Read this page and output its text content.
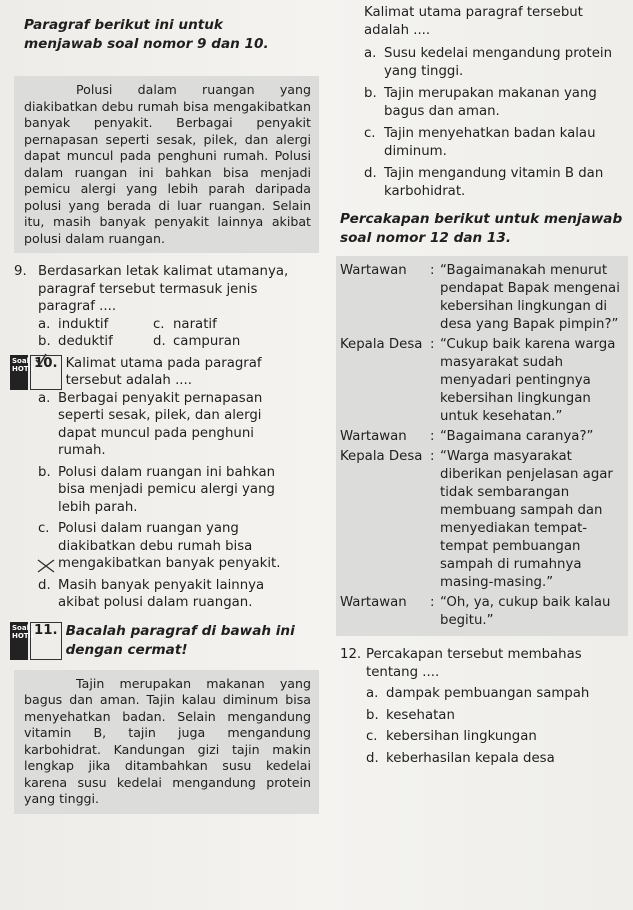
Paragraf berikut ini untuk menjawab soal nomor 9 dan 10.
Polusi dalam ruangan yang diakibatkan debu rumah bisa mengakibatkan banyak penyakit. Berbagai penyakit pernapasan seperti sesak, pilek, dan alergi dapat muncul pada penghuni rumah. Polusi dalam ruangan ini bahkan bisa menjadi pemicu alergi yang lebih parah daripada polusi yang berada di luar ruangan. Selain itu, masih banyak penyakit lainnya akibat polusi dalam ruangan.
9. Berdasarkan letak kalimat utamanya, paragraf tersebut termasuk jenis paragraf ....
a. induktif	c. naratif
b. deduktif	d. campuran
Soal HOTS 10. Kalimat utama pada paragraf tersebut adalah ....
a. Berbagai penyakit pernapasan seperti sesak, pilek, dan alergi dapat muncul pada penghuni rumah.
b. Polusi dalam ruangan ini bahkan bisa menjadi pemicu alergi yang lebih parah.
c. Polusi dalam ruangan yang diakibatkan debu rumah bisa mengakibatkan banyak penyakit.
d. Masih banyak penyakit lainnya akibat polusi dalam ruangan.
Soal HOTS 11. Bacalah paragraf di bawah ini dengan cermat!
Tajin merupakan makanan yang bagus dan aman. Tajin kalau diminum bisa menyehatkan badan. Selain mengandung vitamin B, tajin juga mengandung karbohidrat. Kandungan gizi tajin makin lengkap jika ditambahkan susu kedelai karena susu kedelai mengandung protein yang tinggi.
Kalimat utama paragraf tersebut adalah ....
a. Susu kedelai mengandung protein yang tinggi.
b. Tajin merupakan makanan yang bagus dan aman.
c. Tajin menyehatkan badan kalau diminum.
d. Tajin mengandung vitamin B dan karbohidrat.
Percakapan berikut untuk menjawab soal nomor 12 dan 13.
Wartawan	: “Bagaimanakah menurut pendapat Bapak mengenai kebersihan lingkungan di desa yang Bapak pimpin?”
Kepala Desa : “Cukup baik karena warga masyarakat sudah menyadari pentingnya kebersihan lingkungan untuk kesehatan.”
Wartawan	: “Bagaimana caranya?”
Kepala Desa : “Warga masyarakat diberikan penjelasan agar tidak sembarangan membuang sampah dan menyediakan tempat-tempat pembuangan sampah di rumahnya masing-masing.”
Wartawan	: “Oh, ya, cukup baik kalau begitu.”
12. Percakapan tersebut membahas tentang ....
a. dampak pembuangan sampah
b. kesehatan
c. kebersihan lingkungan
d. keberhasilan kepala desa
